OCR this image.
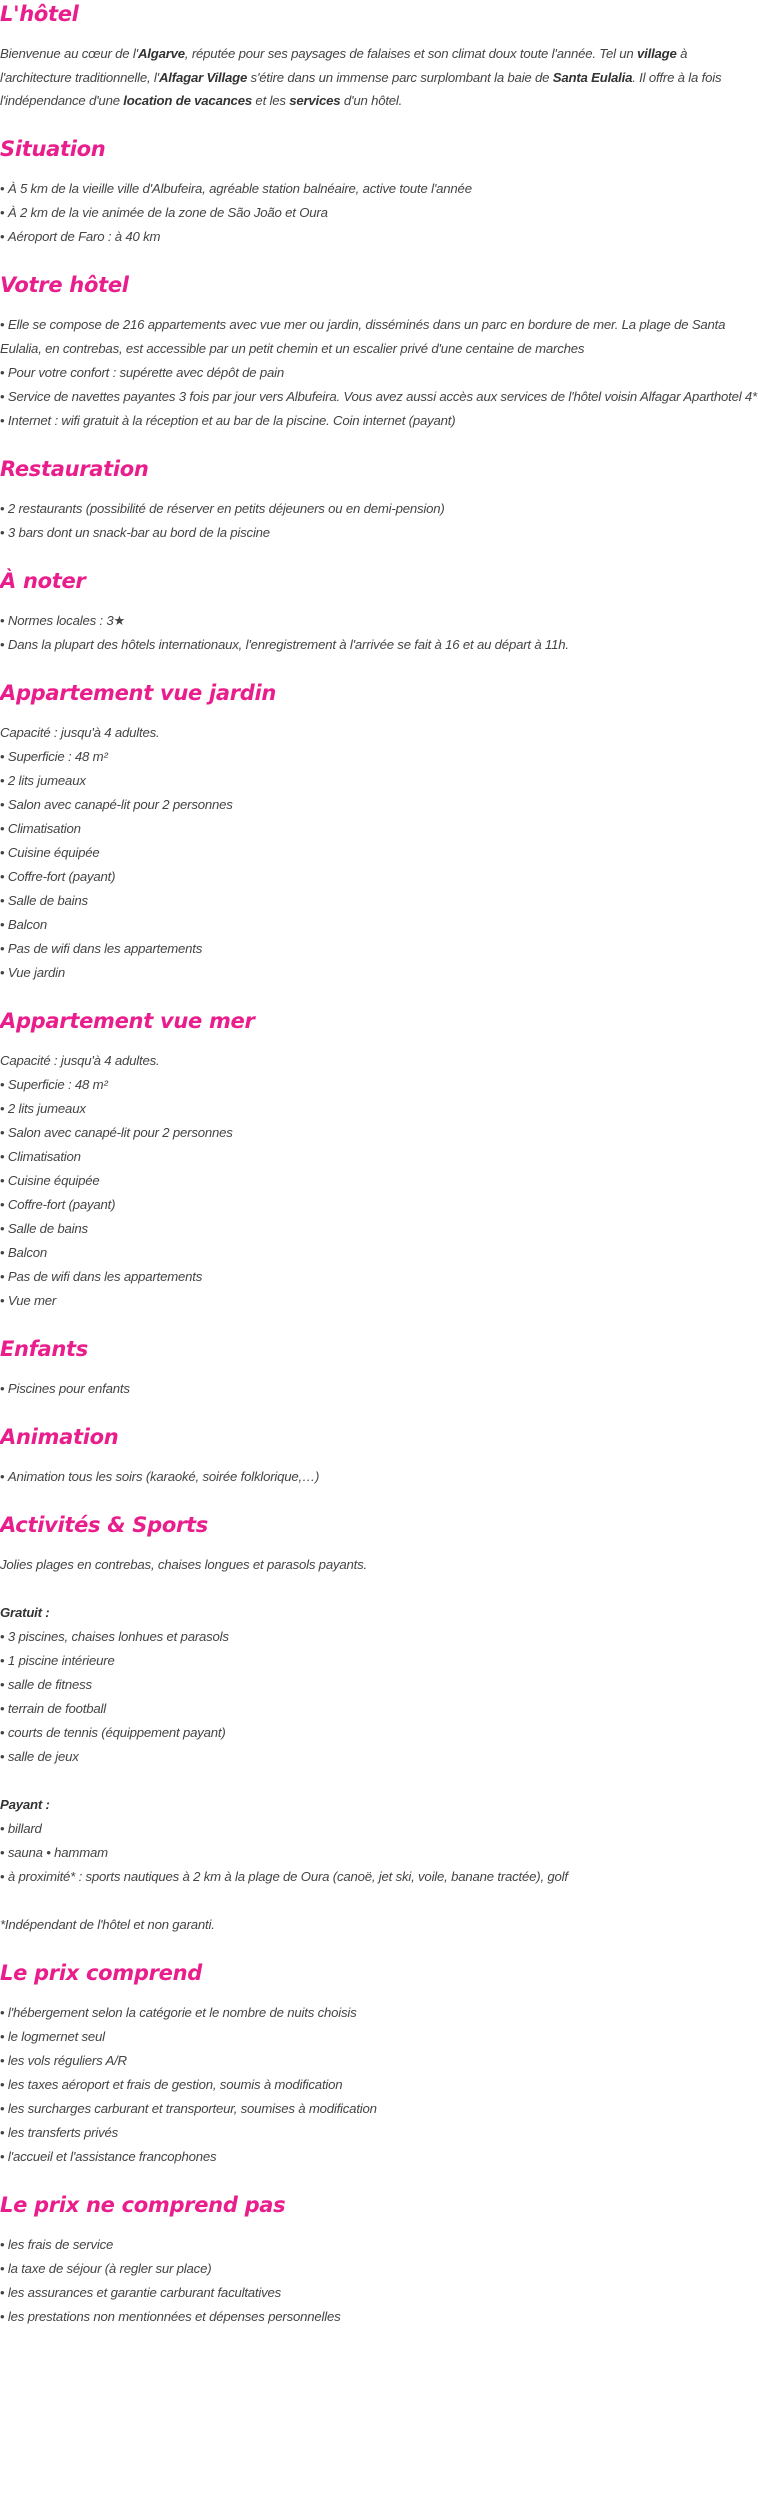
L'hôtel

Bienvenue au cœur de l'Algarve, réputée pour ses paysages de falaises et son climat doux toute l'année. Tel un village à l'architecture traditionnelle, l'Alfagar Village s'étire dans un immense parc surplombant la baie de Santa Eulalia. Il offre à la fois l'indépendance d'une location de vacances et les services d'un hôtel.

Situation
• À 5 km de la vieille ville d'Albufeira, agréable station balnéaire, active toute l'année
• À 2 km de la vie animée de la zone de São João et Oura
• Aéroport de Faro : à 40 km
Votre hôtel
• Elle se compose de 216 appartements avec vue mer ou jardin, disséminés dans un parc en bordure de mer. La plage de Santa Eulalia, en contrebas, est accessible par un petit chemin et un escalier privé d'une centaine de marches
• Pour votre confort : supérette avec dépôt de pain
• Service de navettes payantes 3 fois par jour vers Albufeira. Vous avez aussi accès aux services de l'hôtel voisin Alfagar Aparthotel 4*
• Internet : wifi gratuit à la réception et au bar de la piscine. Coin internet (payant)
Restauration
• 2 restaurants (possibilité de réserver en petits déjeuners ou en demi-pension)
• 3 bars dont un snack-bar au bord de la piscine
À noter
• Normes locales : 3★
• Dans la plupart des hôtels internationaux, l'enregistrement à l'arrivée se fait à 16 et au départ à 11h.
Appartement vue jardin

Capacité : jusqu'à 4 adultes.

• Superficie : 48 m²
• 2 lits jumeaux
• Salon avec canapé-lit pour 2 personnes
• Climatisation
• Cuisine équipée
• Coffre-fort (payant)
• Salle de bains
• Balcon
• Pas de wifi dans les appartements
• Vue jardin
Appartement vue mer

Capacité : jusqu'à 4 adultes.

• Superficie : 48 m²
• 2 lits jumeaux
• Salon avec canapé-lit pour 2 personnes
• Climatisation
• Cuisine équipée
• Coffre-fort (payant)
• Salle de bains
• Balcon
• Pas de wifi dans les appartements
• Vue mer
Enfants
• Piscines pour enfants
Animation
• Animation tous les soirs (karaoké, soirée folklorique,…)
Activités & Sports

Jolies plages en contrebas, chaises longues et parasols payants.

Gratuit :

• 3 piscines, chaises lonhues et parasols
• 1 piscine intérieure
• salle de fitness
• terrain de football
• courts de tennis (équippement payant)
• salle de jeux

Payant :

• billard
• sauna • hammam
• à proximité* : sports nautiques à 2 km à la plage de Oura (canoë, jet ski, voile, banane tractée), golf

*Indépendant de l'hôtel et non garanti.

Le prix comprend
• l'hébergement selon la catégorie et le nombre de nuits choisis
• le logmernet seul
• les vols réguliers A/R
• les taxes aéroport et frais de gestion, soumis à modification
• les surcharges carburant et transporteur, soumises à modification
• les transferts privés
• l'accueil et l'assistance francophones
Le prix ne comprend pas
• les frais de service
• la taxe de séjour (à regler sur place)
• les assurances et garantie carburant facultatives
• les prestations non mentionnées et dépenses personnelles
